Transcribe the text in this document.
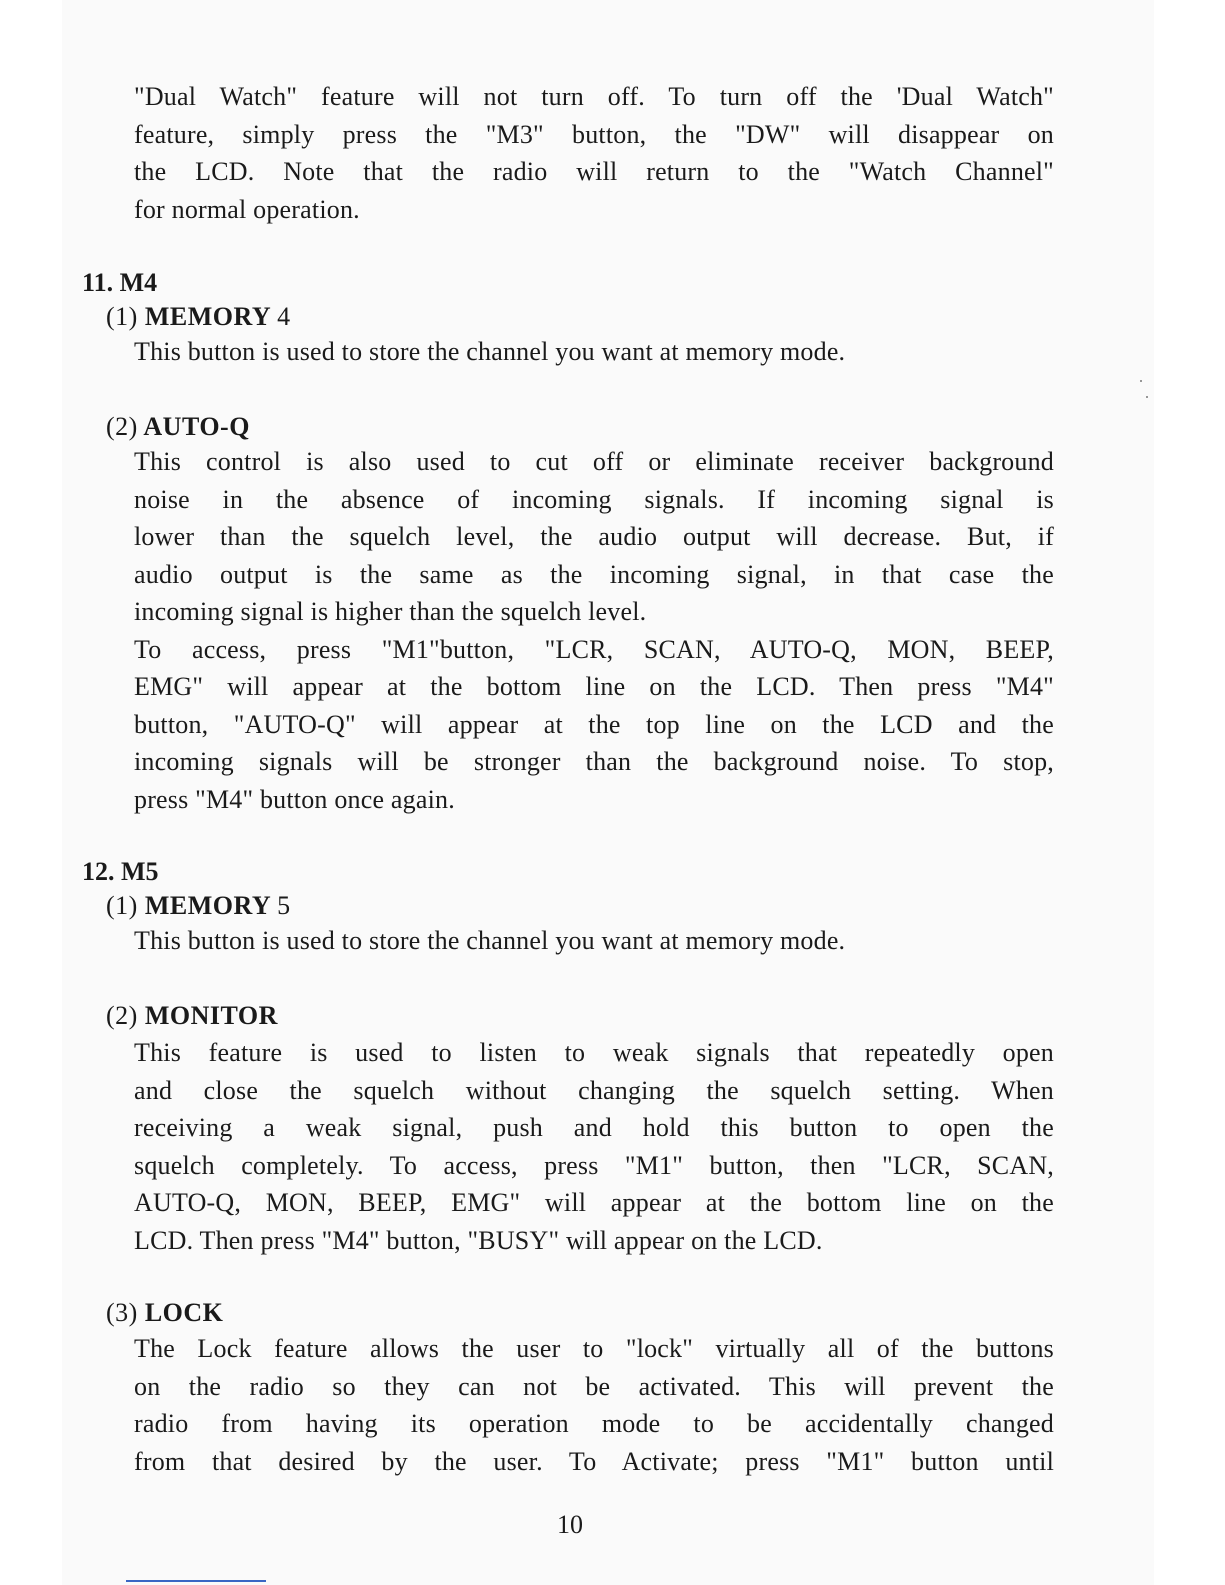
"Dual Watch" feature will not turn off. To turn off the 'Dual Watch"
feature, simply press the "M3" button, the "DW" will disappear on
the LCD. Note that the radio will return to the "Watch Channel"
for normal operation.
11. M4
(1) MEMORY 4
This button is used to store the channel you want at memory mode.
(2) AUTO-Q
This control is also used to cut off or eliminate receiver background
noise in the absence of incoming signals. If incoming signal is
lower than the squelch level, the audio output will decrease. But, if
audio output is the same as the incoming signal, in that case the
incoming signal is higher than the squelch level.
To access, press "M1"button, "LCR, SCAN, AUTO-Q, MON, BEEP,
EMG" will appear at the bottom line on the LCD. Then press "M4"
button, "AUTO-Q" will appear at the top line on the LCD and the
incoming signals will be stronger than the background noise. To stop,
press "M4" button once again.
12. M5
(1) MEMORY 5
This button is used to store the channel you want at memory mode.
(2) MONITOR
This feature is used to listen to weak signals that repeatedly open
and close the squelch without changing the squelch setting. When
receiving a weak signal, push and hold this button to open the
squelch completely. To access, press "M1" button, then "LCR, SCAN,
AUTO-Q, MON, BEEP, EMG" will appear at the bottom line on the
LCD. Then press "M4" button, "BUSY" will appear on the LCD.
(3) LOCK
The Lock feature allows the user to "lock" virtually all of the buttons
on the radio so they can not be activated. This will prevent the
radio from having its operation mode to be accidentally changed
from that desired by the user. To Activate; press "M1" button until
10
